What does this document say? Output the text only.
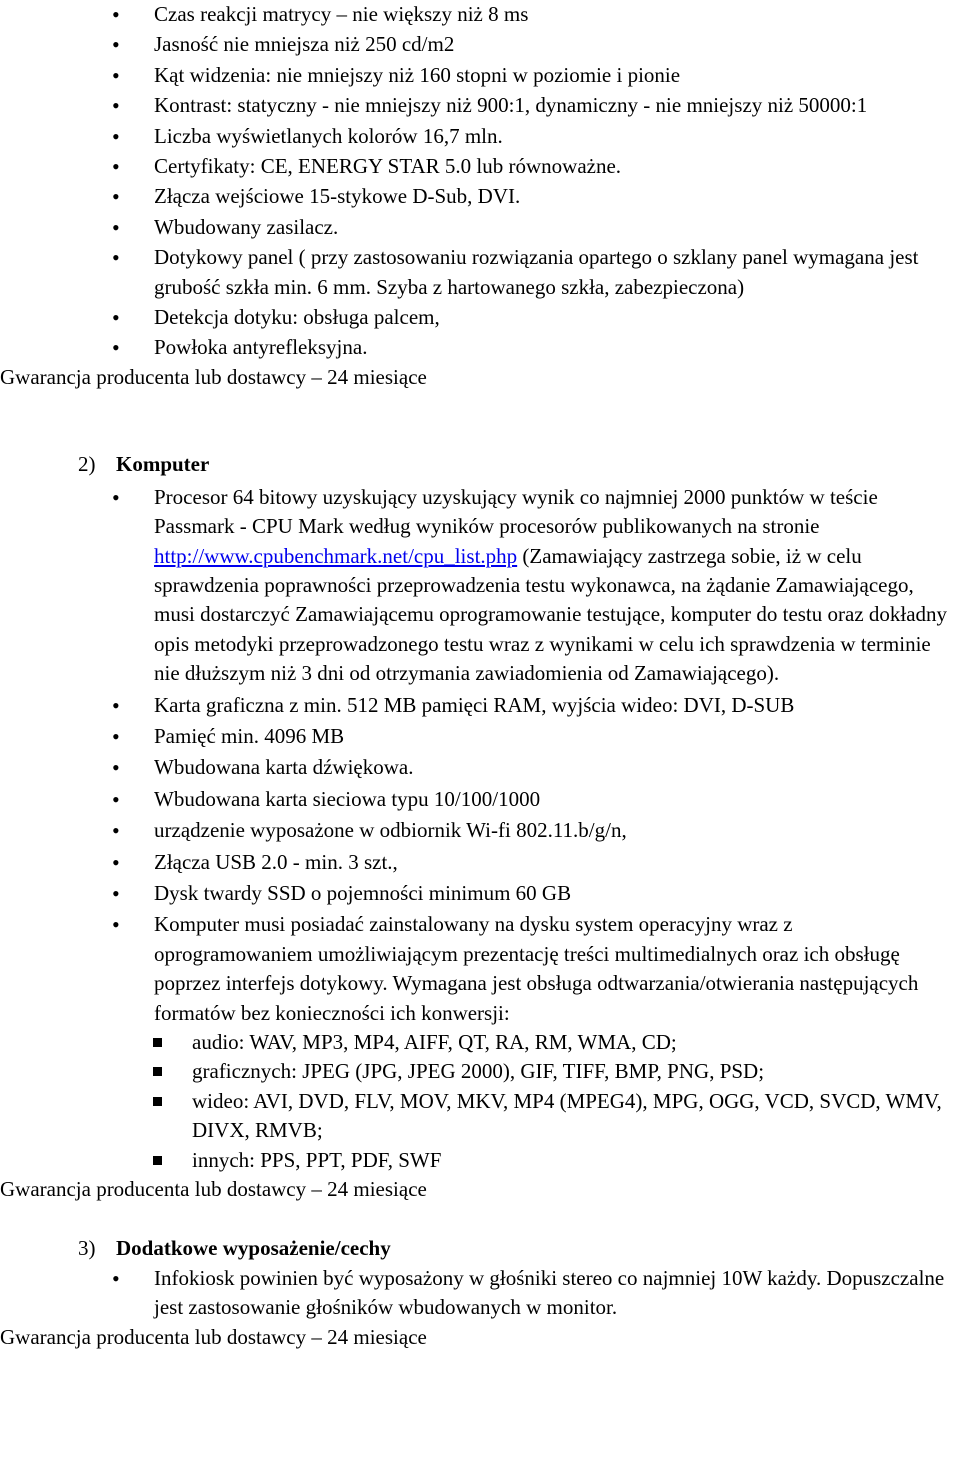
• Czas reakcji matrycy – nie większy niż 8 ms
• Jasność nie mniejsza niż 250 cd/m2
• Kąt widzenia: nie mniejszy niż 160 stopni w poziomie i pionie
• Kontrast: statyczny - nie mniejszy niż 900:1, dynamiczny - nie mniejszy niż 50000:1
• Liczba wyświetlanych kolorów 16,7 mln.
• Certyfikaty: CE, ENERGY STAR 5.0 lub równoważne.
• Złącza wejściowe 15-stykowe D-Sub, DVI.
• Wbudowany zasilacz.
• Dotykowy panel ( przy zastosowaniu rozwiązania opartego o szklany panel wymagana jest grubość szkła min. 6 mm. Szyba z hartowanego szkła, zabezpieczona)
• Detekcja dotyku: obsługa palcem,
• Powłoka antyrefleksyjna.
Gwarancja producenta lub dostawcy – 24 miesiące
2) Komputer
• Procesor 64 bitowy uzyskujący uzyskujący wynik co najmniej 2000 punktów w teście Passmark - CPU Mark według wyników procesorów publikowanych na stronie http://www.cpubenchmark.net/cpu_list.php (Zamawiający zastrzega sobie, iż w celu sprawdzenia poprawności przeprowadzenia testu wykonawca, na żądanie Zamawiającego, musi dostarczyć Zamawiającemu oprogramowanie testujące, komputer do testu oraz dokładny opis metodyki przeprowadzonego testu wraz z wynikami w celu ich sprawdzenia w terminie nie dłuższym niż 3 dni od otrzymania zawiadomienia od Zamawiającego).
• Karta graficzna z min. 512 MB pamięci RAM, wyjścia wideo: DVI, D-SUB
• Pamięć min. 4096 MB
• Wbudowana karta dźwiękowa.
• Wbudowana karta sieciowa typu 10/100/1000
• urządzenie wyposażone w odbiornik Wi-fi 802.11.b/g/n,
• Złącza USB 2.0 - min. 3 szt.,
• Dysk twardy SSD o pojemności minimum 60 GB
• Komputer musi posiadać zainstalowany na dysku system operacyjny wraz z oprogramowaniem umożliwiającym prezentację treści multimedialnych oraz ich obsługę poprzez interfejs dotykowy. Wymagana jest obsługa odtwarzania/otwierania następujących formatów bez konieczności ich konwersji:
audio: WAV, MP3, MP4, AIFF, QT, RA, RM, WMA, CD;
graficznych: JPEG (JPG, JPEG 2000), GIF, TIFF, BMP, PNG, PSD;
wideo: AVI, DVD, FLV, MOV, MKV, MP4 (MPEG4), MPG, OGG, VCD, SVCD, WMV, DIVX, RMVB;
innych: PPS, PPT, PDF, SWF
Gwarancja producenta lub dostawcy – 24 miesiące
3) Dodatkowe wyposażenie/cechy
• Infokiosk powinien być wyposażony w głośniki stereo co najmniej 10W każdy. Dopuszczalne jest zastosowanie głośników wbudowanych w monitor.
Gwarancja producenta lub dostawcy – 24 miesiące
